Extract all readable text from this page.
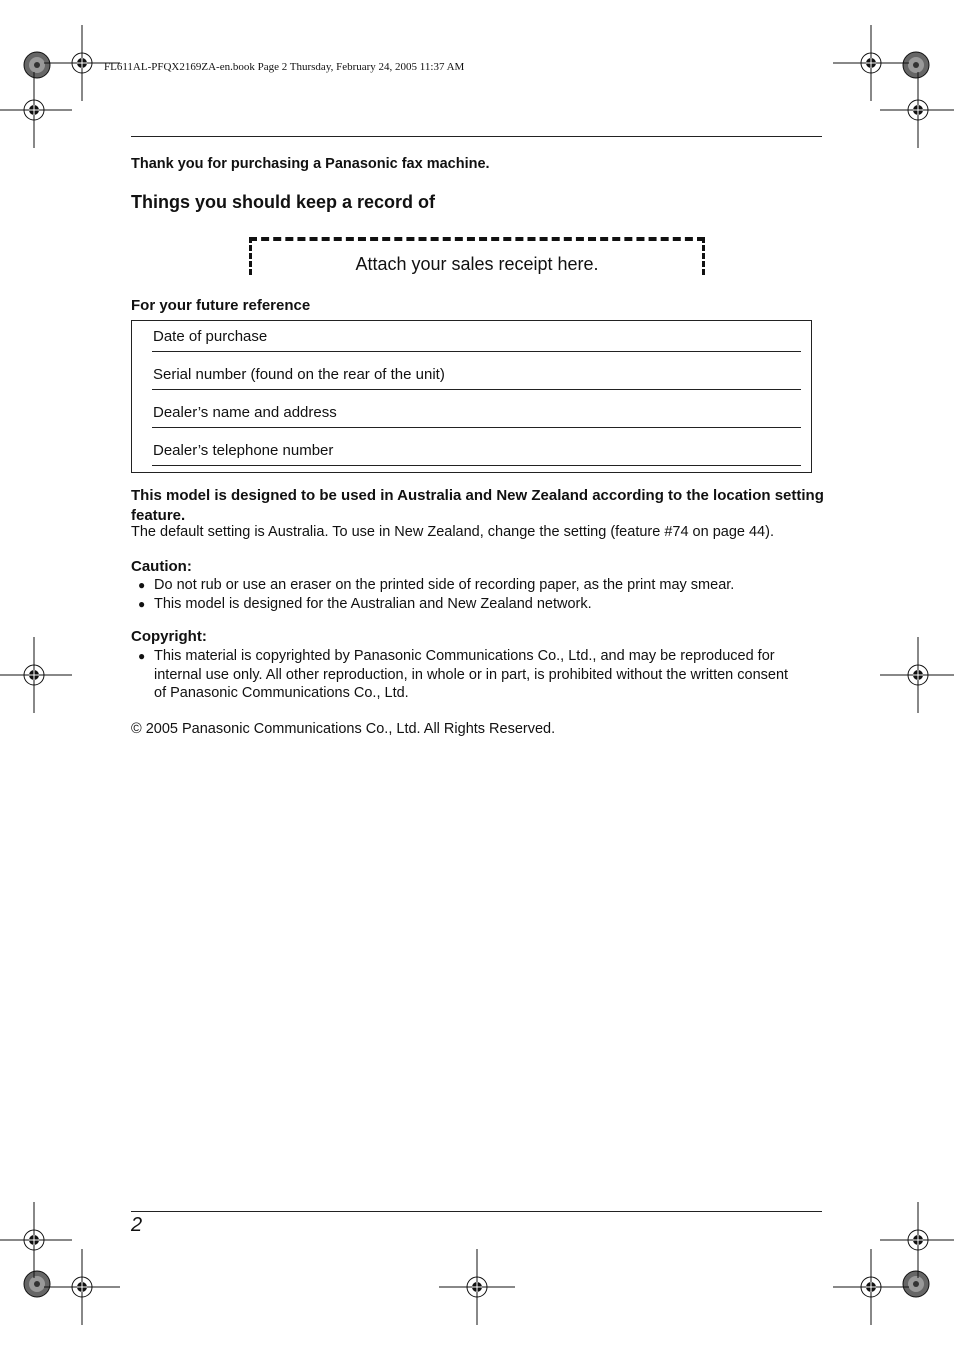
FL611AL-PFQX2169ZA-en.book Page 2 Thursday, February 24, 2005 11:37 AM
Thank you for purchasing a Panasonic fax machine.
Things you should keep a record of
Attach your sales receipt here.
For your future reference
Date of purchase
Serial number (found on the rear of the unit)
Dealer’s name and address
Dealer’s telephone number
This model is designed to be used in Australia and New Zealand according to the location setting feature.
The default setting is Australia. To use in New Zealand, change the setting (feature #74 on page 44).
Caution:
● Do not rub or use an eraser on the printed side of recording paper, as the print may smear.
● This model is designed for the Australian and New Zealand network.
Copyright:
● This material is copyrighted by Panasonic Communications Co., Ltd., and may be reproduced for
internal use only. All other reproduction, in whole or in part, is prohibited without the written consent
of Panasonic Communications Co., Ltd.
© 2005 Panasonic Communications Co., Ltd. All Rights Reserved.
2
